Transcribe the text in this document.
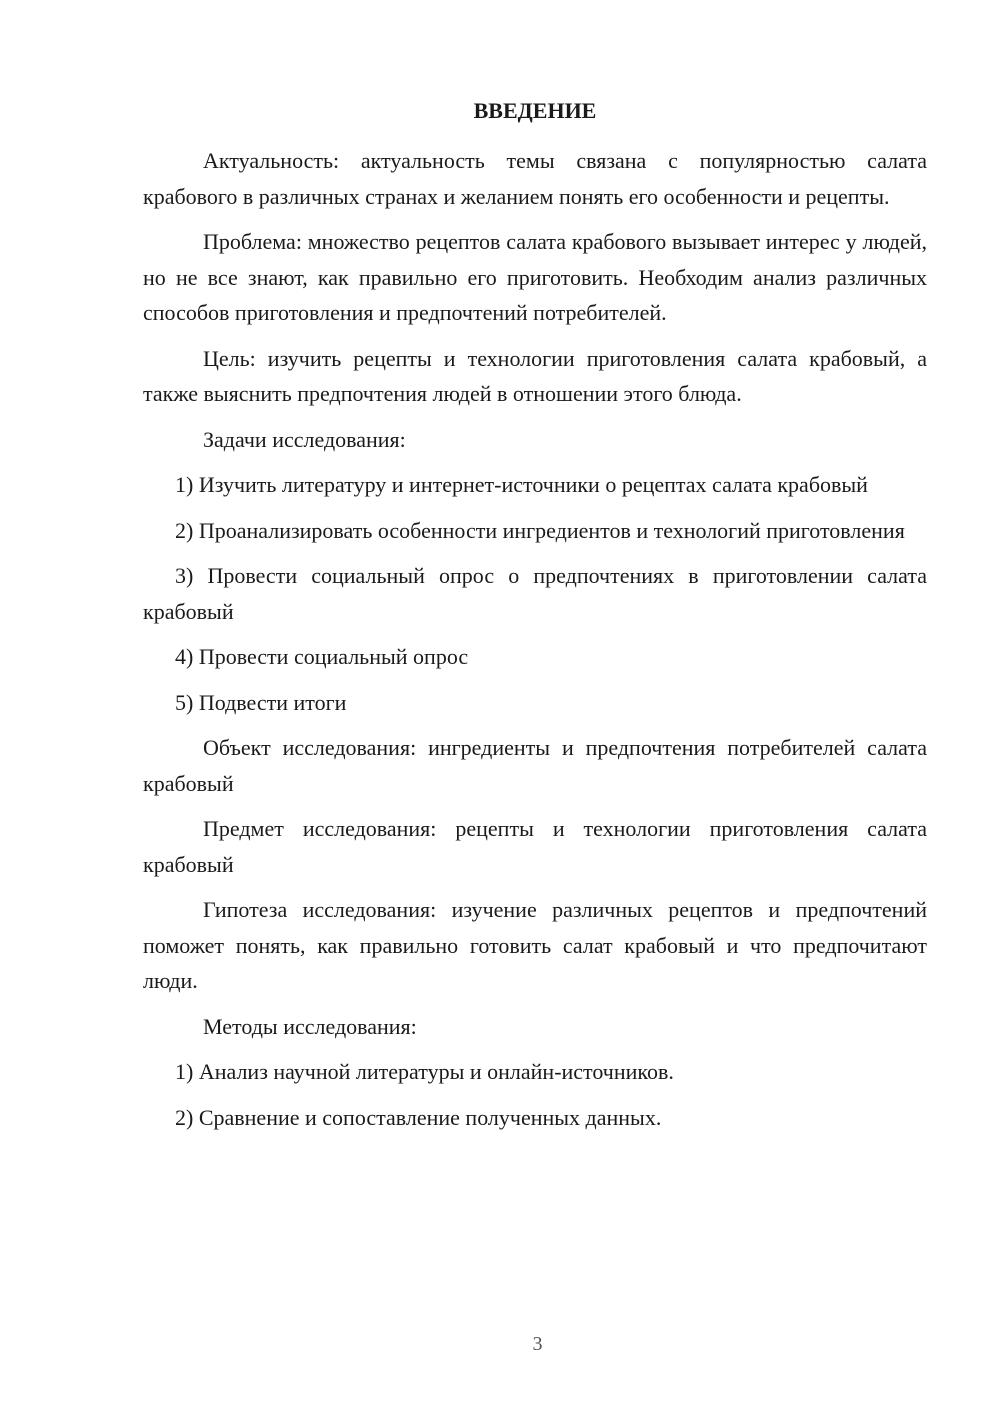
ВВЕДЕНИЕ

Актуальность: актуальность темы связана с популярностью салата крабового в различных странах и желанием понять его особенности и рецепты.

Проблема: множество рецептов салата крабового вызывает интерес у людей, но не все знают, как правильно его приготовить. Необходим анализ различных способов приготовления и предпочтений потребителей.

Цель: изучить рецепты и технологии приготовления салата крабовый, а также выяснить предпочтения людей в отношении этого блюда.

Задачи исследования:

1) Изучить литературу и интернет-источники о рецептах салата крабовый

2) Проанализировать особенности ингредиентов и технологий приготовления

3) Провести социальный опрос о предпочтениях в приготовлении салата крабовый

4) Провести социальный опрос

5) Подвести итоги

Объект исследования: ингредиенты и предпочтения потребителей салата крабовый

Предмет исследования: рецепты и технологии приготовления салата крабовый

Гипотеза исследования: изучение различных рецептов и предпочтений поможет понять, как правильно готовить салат крабовый и что предпочитают люди.

Методы исследования:

1) Анализ научной литературы и онлайн-источников.

2) Сравнение и сопоставление полученных данных.

3
